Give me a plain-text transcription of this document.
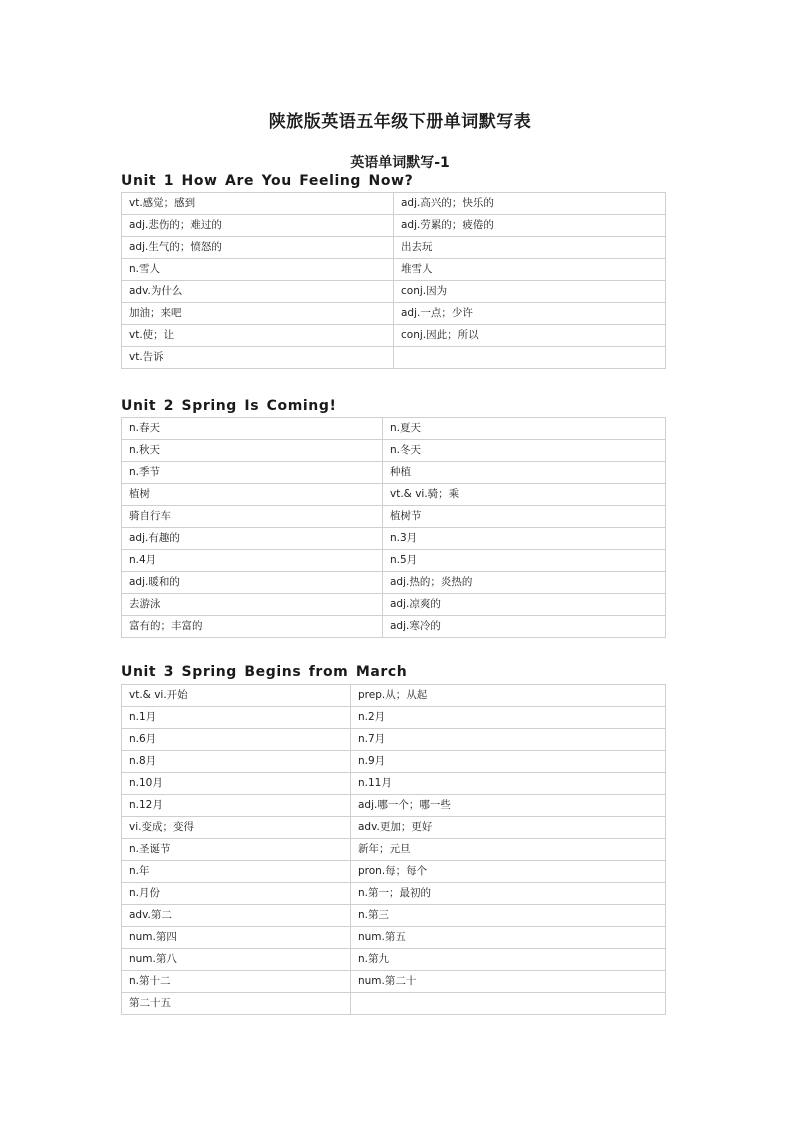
陕旅版英语五年级下册单词默写表
英语单词默写-1
Unit 1 How Are You Feeling Now?
vt.感觉；感到	adj.高兴的；快乐的
adj.悲伤的；难过的	adj.劳累的；疲倦的
adj.生气的；愤怒的	出去玩
n.雪人	堆雪人
adv.为什么	conj.因为
加油；来吧	adj.一点；少许
vt.使；让	conj.因此；所以
vt.告诉	
Unit 2 Spring Is Coming!
n.春天	n.夏天
n.秋天	n.冬天
n.季节	种植
植树	vt.& vi.骑；乘
骑自行车	植树节
adj.有趣的	n.3月
n.4月	n.5月
adj.暖和的	adj.热的；炎热的
去游泳	adj.凉爽的
富有的；丰富的	adj.寒冷的
Unit 3 Spring Begins from March
vt.& vi.开始	prep.从；从起
n.1月	n.2月
n.6月	n.7月
n.8月	n.9月
n.10月	n.11月
n.12月	adj.哪一个；哪一些
vi.变成；变得	adv.更加；更好
n.圣诞节	新年；元旦
n.年	pron.每；每个
n.月份	n.第一；最初的
adv.第二	n.第三
num.第四	num.第五
num.第八	n.第九
n.第十二	num.第二十
第二十五	
